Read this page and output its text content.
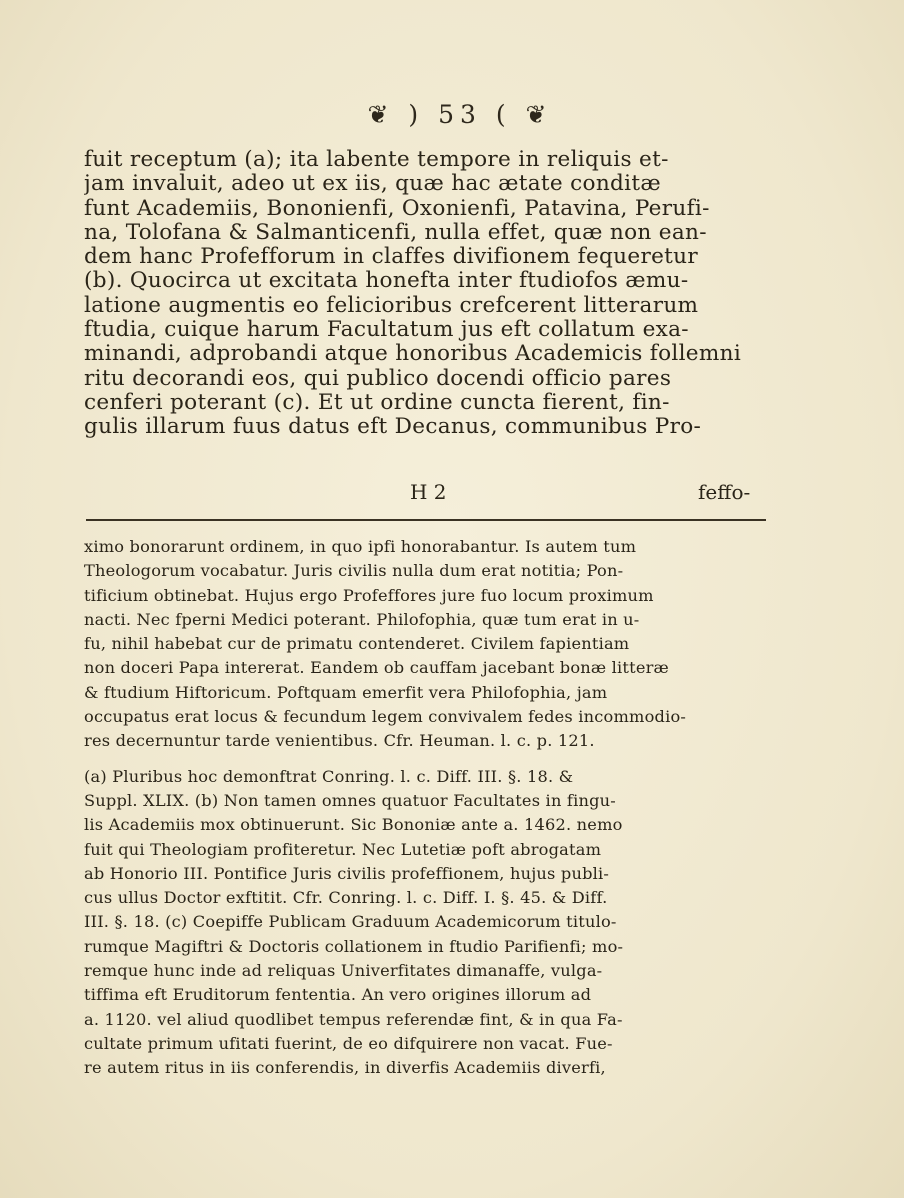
❦ ) 53 ( ❦
fuit receptum (a); ita labente tempore in reliquis et-
jam invaluit, adeo ut ex iis, quæ hac ætate conditæ
funt Academiis, Bononienfi, Oxonienfi, Patavina, Perufi-
na, Tolofana & Salmanticenfi, nulla effet, quæ non ean-
dem hanc Profefforum in claffes divifionem fequeretur
(b). Quocirca ut excitata honefta inter ftudiofos æmu-
latione augmentis eo felicioribus crefcerent litterarum
ftudia, cuique harum Facultatum jus eft collatum exa-
minandi, adprobandi atque honoribus Academicis follemni
ritu decorandi eos, qui publico docendi officio pares
cenferi poterant (c). Et ut ordine cuncta fierent, fin-
gulis illarum fuus datus eft Decanus, communibus Pro-
H 2	feffo-
ximo bonorarunt ordinem, in quo ipfi honorabantur. Is autem tum
Theologorum vocabatur. Juris civilis nulla dum erat notitia; Pon-
tificium obtinebat. Hujus ergo Profeffores jure fuo locum proximum
nacti. Nec fperni Medici poterant. Philofophia, quæ tum erat in u-
fu, nihil habebat cur de primatu contenderet. Civilem fapientiam
non doceri Papa intererat. Eandem ob cauffam jacebant bonæ litteræ
& ftudium Hiftoricum. Poftquam emerfit vera Philofophia, jam
occupatus erat locus & fecundum legem convivalem fedes incommodio-
res decernuntur tarde venientibus. Cfr. Heuman. l. c. p. 121.
(a) Pluribus hoc demonftrat Conring. l. c. Diff. III. §. 18. &
Suppl. XLIX. (b) Non tamen omnes quatuor Facultates in fingu-
lis Academiis mox obtinuerunt. Sic Bononiæ ante a. 1462. nemo
fuit qui Theologiam profiteretur. Nec Lutetiæ poft abrogatam
ab Honorio III. Pontifice Juris civilis profeffionem, hujus publi-
cus ullus Doctor exftitit. Cfr. Conring. l. c. Diff. I. §. 45. & Diff.
III. §. 18. (c) Coepiffe Publicam Graduum Academicorum titulo-
rumque Magiftri & Doctoris collationem in ftudio Parifienfi; mo-
remque hunc inde ad reliquas Univerfitates dimanaffe, vulga-
tiffima eft Eruditorum fententia. An vero origines illorum ad
a. 1120. vel aliud quodlibet tempus referendæ fint, & in qua Fa-
cultate primum ufitati fuerint, de eo difquirere non vacat. Fue-
re autem ritus in iis conferendis, in diverfis Academiis diverfi,
